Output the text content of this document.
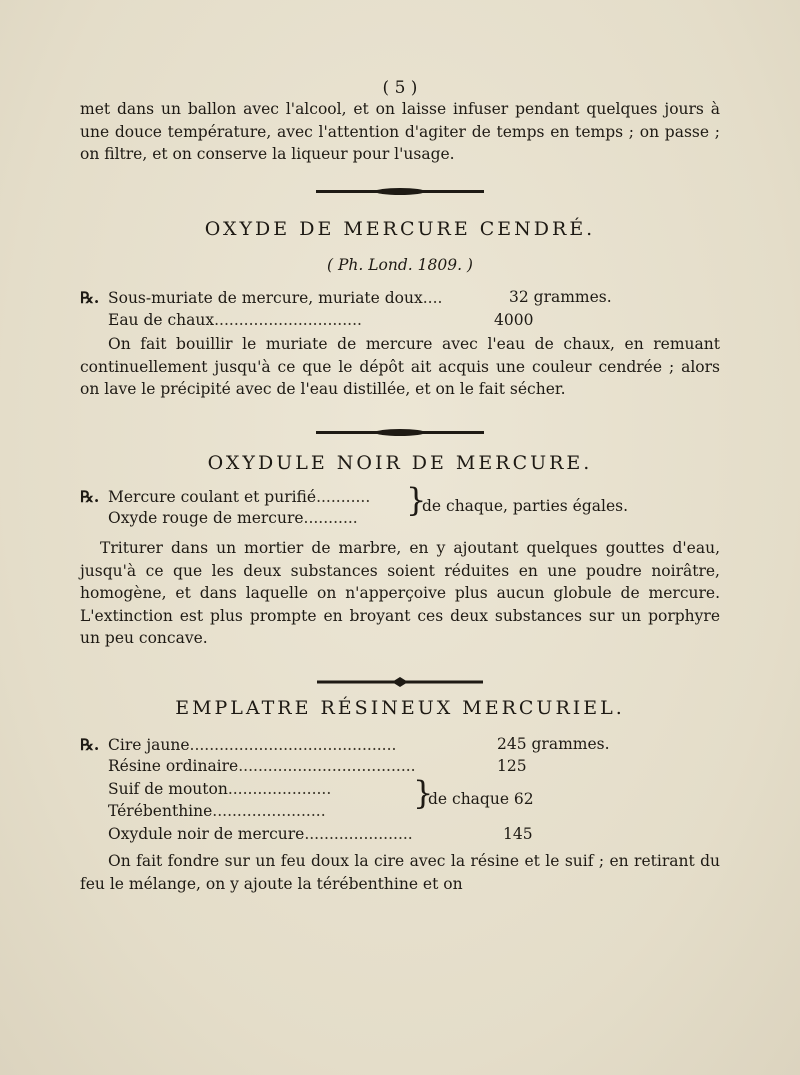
( 5 )
met dans un ballon avec l'alcool, et on laisse infuser pendant quelques jours à une douce température, avec l'attention d'agiter de temps en temps ; on passe ; on filtre, et on conserve la liqueur pour l'usage.
OXYDE DE MERCURE CENDRÉ.
( Ph. Lond. 1809. )
℞. Sous-muriate de mercure, muriate doux....	32 grammes.
Eau de chaux..............................	4000
On fait bouillir le muriate de mercure avec l'eau de chaux, en remuant continuellement jusqu'à ce que le dépôt ait acquis une couleur cendrée ; alors on lave le précipité avec de l'eau distillée, et on le fait sécher.
OXYDULE NOIR DE MERCURE.
℞. Mercure coulant et purifié...........
Oxyde rouge de mercure........... }
de chaque, parties égales.
Triturer dans un mortier de marbre, en y ajoutant quelques gouttes d'eau, jusqu'à ce que les deux substances soient réduites en une poudre noirâtre, homogène, et dans laquelle on n'apperçoive plus aucun globule de mercure. L'extinction est plus prompte en broyant ces deux substances sur un porphyre un peu concave.
EMPLATRE RÉSINEUX MERCURIEL.
℞. Cire jaune..........................................	245 grammes.
Résine ordinaire....................................	125
Suif de mouton.....................
Térébenthine.......................	}
de chaque 62
Oxydule noir de mercure......................	145
On fait fondre sur un feu doux la cire avec la résine et le suif ; en retirant du feu le mélange, on y ajoute la térébenthine et on
